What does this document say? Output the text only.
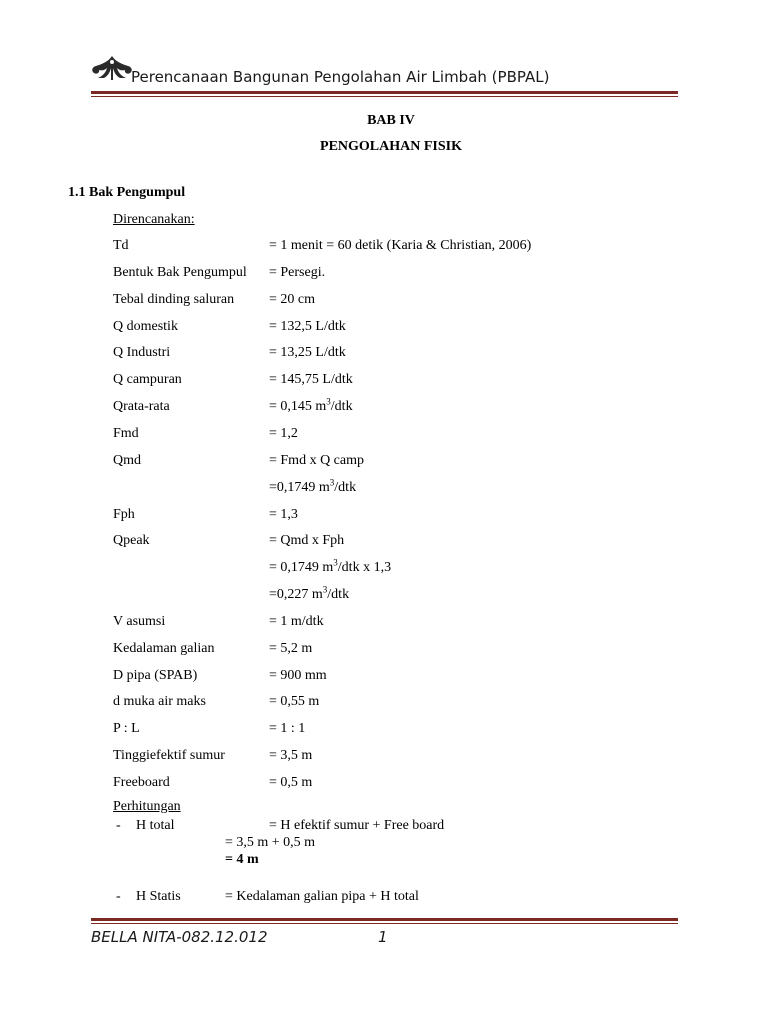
Perencanaan Bangunan Pengolahan Air Limbah (PBPAL)
BAB IV
PENGOLAHAN FISIK
1.1 Bak Pengumpul
Direncanakan:
Td	= 1 menit = 60 detik (Karia & Christian, 2006)
Bentuk Bak Pengumpul = Persegi.
Tebal dinding saluran = 20 cm
Q domestik	= 132,5 L/dtk
Q Industri	= 13,25 L/dtk
Q campuran	= 145,75 L/dtk
Qrata-rata	= 0,145 $m^3$/dtk
Fmd	= 1,2
Qmd	= Fmd x Q camp
=0,1749 $m^3$/dtk
Fph	= 1,3
Qpeak	= Qmd x Fph
= 0,1749 $m^3$/dtk x 1,3
=0,227 $m^3$/dtk
V asumsi	= 1 m/dtk
Kedalaman galian	= 5,2 m
D pipa (SPAB)	= 900 mm
d muka air maks	= 0,55 m
P : L	= 1 : 1
Tinggiefektif sumur	= 3,5 m
Freeboard	= 0,5 m
Perhitungan
- H total	= H efektif sumur + Free board
= 3,5 m + 0,5 m
= 4 m
- H Statis	= Kedalaman galian pipa + H total
BELLA NITA-082.12.012	1
